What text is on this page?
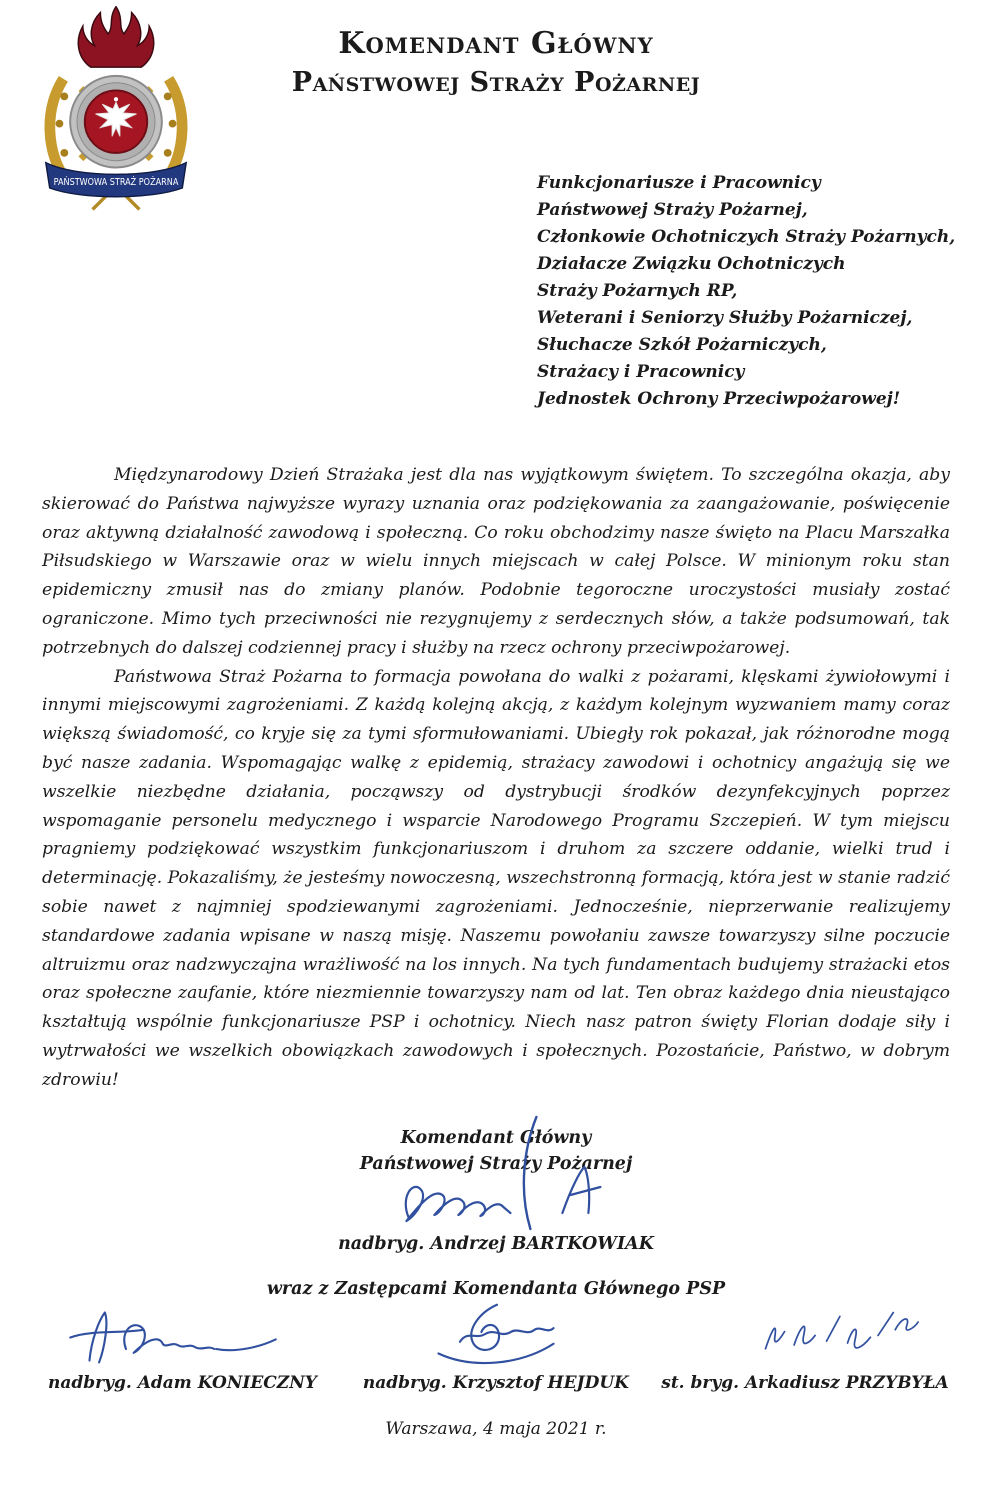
PAŃSTWOWA STRAŻ POŻARNA
Komendant Główny
Państwowej Straży Pożarnej
Funkcjonariusze i Pracownicy
Państwowej Straży Pożarnej,
Członkowie Ochotniczych Straży Pożarnych,
Działacze Związku Ochotniczych
Straży Pożarnych RP,
Weterani i Seniorzy Służby Pożarniczej,
Słuchacze Szkół Pożarniczych,
Strażacy i Pracownicy
Jednostek Ochrony Przeciwpożarowej!

Międzynarodowy Dzień Strażaka jest dla nas wyjątkowym świętem. To szczególna okazja, aby skierować do Państwa najwyższe wyrazy uznania oraz podziękowania za zaangażowanie, poświęcenie oraz aktywną działalność zawodową i społeczną. Co roku obchodzimy nasze święto na Placu Marszałka Piłsudskiego w Warszawie oraz w wielu innych miejscach w całej Polsce. W minionym roku stan epidemiczny zmusił nas do zmiany planów. Podobnie tegoroczne uroczystości musiały zostać ograniczone. Mimo tych przeciwności nie rezygnujemy z serdecznych słów, a także podsumowań, tak potrzebnych do dalszej codziennej pracy i służby na rzecz ochrony przeciwpożarowej.

Państwowa Straż Pożarna to formacja powołana do walki z pożarami, klęskami żywiołowymi i innymi miejscowymi zagrożeniami. Z każdą kolejną akcją, z każdym kolejnym wyzwaniem mamy coraz większą świadomość, co kryje się za tymi sformułowaniami. Ubiegły rok pokazał, jak różnorodne mogą być nasze zadania. Wspomagając walkę z epidemią, strażacy zawodowi i ochotnicy angażują się we wszelkie niezbędne działania, począwszy od dystrybucji środków dezynfekcyjnych poprzez wspomaganie personelu medycznego i wsparcie Narodowego Programu Szczepień. W tym miejscu pragniemy podziękować wszystkim funkcjonariuszom i druhom za szczere oddanie, wielki trud i determinację. Pokazaliśmy, że jesteśmy nowoczesną, wszechstronną formacją, która jest w stanie radzić sobie nawet z najmniej spodziewanymi zagrożeniami. Jednocześnie, nieprzerwanie realizujemy standardowe zadania wpisane w naszą misję. Naszemu powołaniu zawsze towarzyszy silne poczucie altruizmu oraz nadzwyczajna wrażliwość na los innych. Na tych fundamentach budujemy strażacki etos oraz społeczne zaufanie, które niezmiennie towarzyszy nam od lat. Ten obraz każdego dnia nieustająco kształtują wspólnie funkcjonariusze PSP i ochotnicy. Niech nasz patron święty Florian dodaje siły i wytrwałości we wszelkich obowiązkach zawodowych i społecznych. Pozostańcie, Państwo, w dobrym zdrowiu!

Komendant Główny
Państwowej Straży Pożarnej
nadbryg. Andrzej BARTKOWIAK
wraz z Zastępcami Komendanta Głównego PSP
nadbryg. Adam KONIECZNY	nadbryg. Krzysztof HEJDUK	st. bryg. Arkadiusz PRZYBYŁA
Warszawa, 4 maja 2021 r.
